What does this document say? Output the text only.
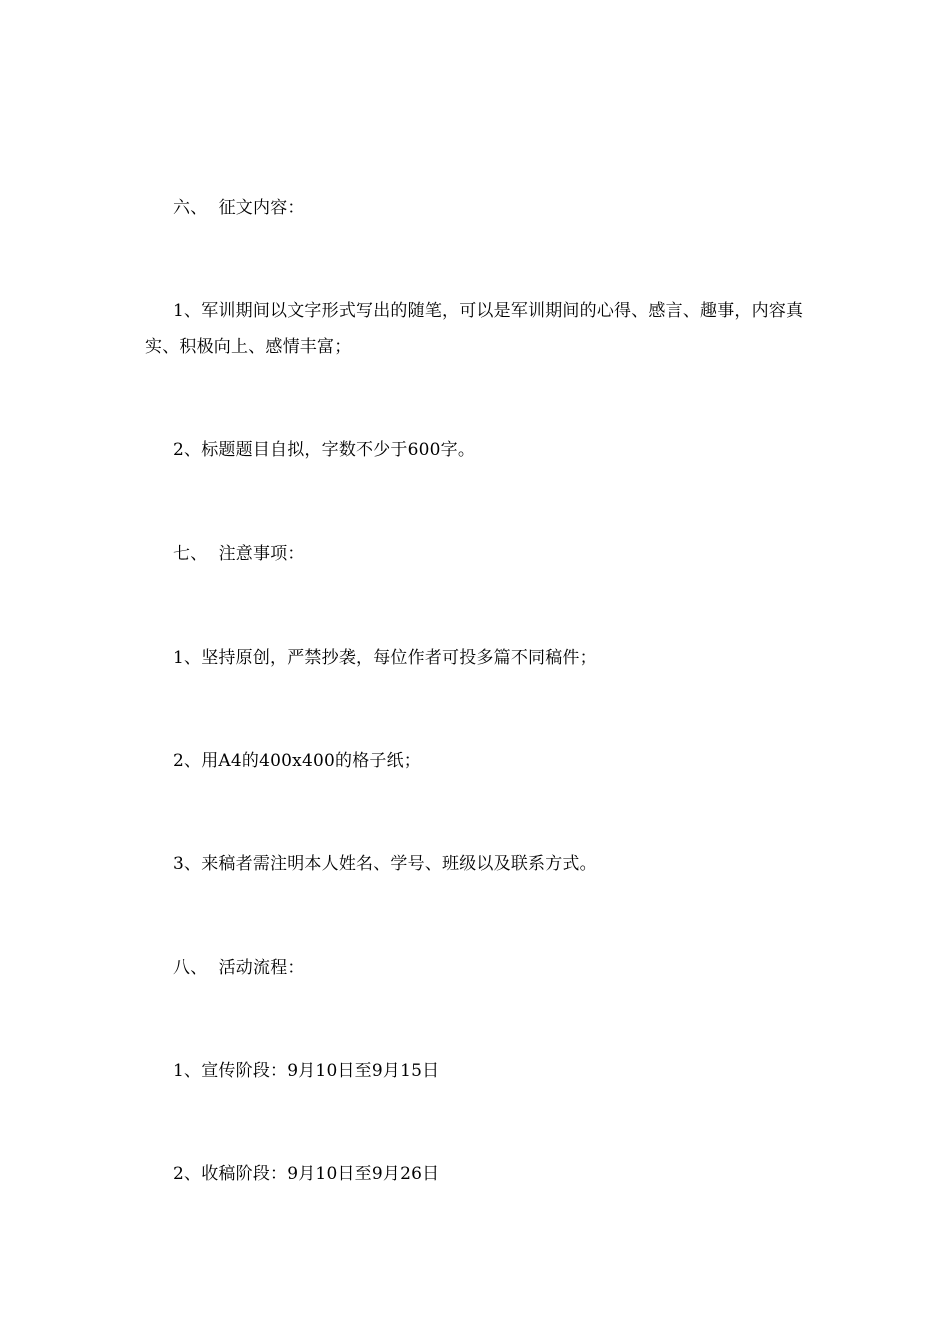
六、  征文内容：
1、军训期间以文字形式写出的随笔，可以是军训期间的心得、感言、趣事，内容真实、积极向上、感情丰富；
2、标题题目自拟，字数不少于600字。
七、  注意事项：
1、坚持原创，严禁抄袭，每位作者可投多篇不同稿件；
2、用A4的400x400的格子纸；
3、来稿者需注明本人姓名、学号、班级以及联系方式。
八、  活动流程：
1、宣传阶段：9月10日至9月15日
2、收稿阶段：9月10日至9月26日
